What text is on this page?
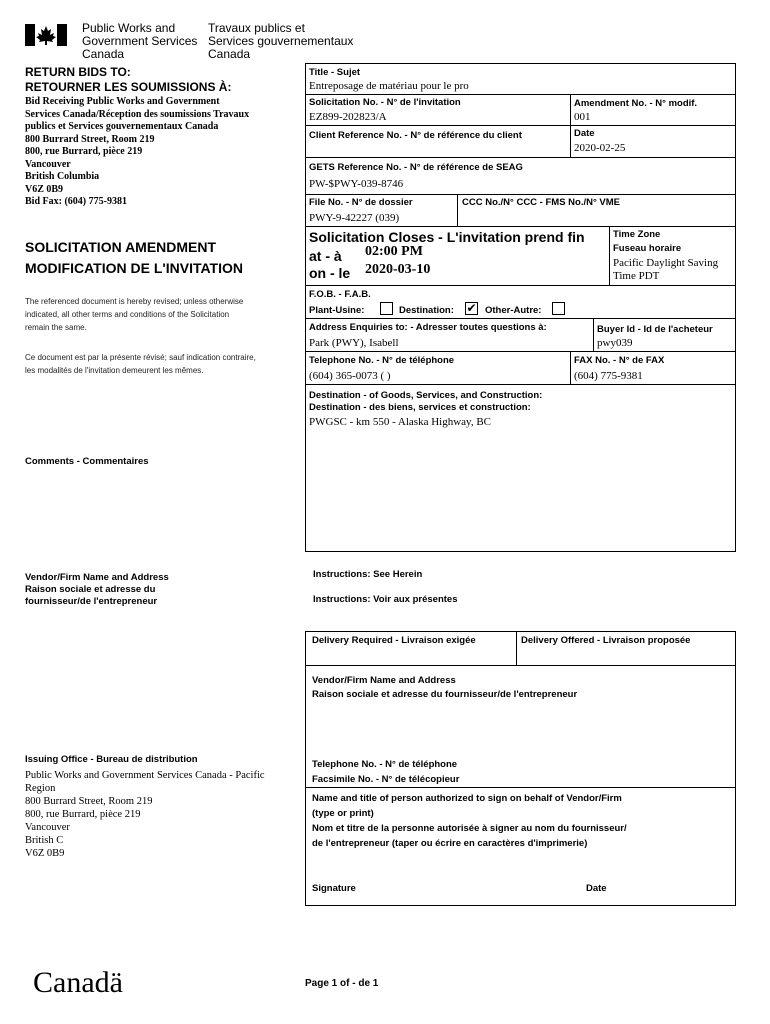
Public Works and
Government Services
Canada
Travaux publics et
Services gouvernementaux
Canada
RETURN BIDS TO:
RETOURNER LES SOUMISSIONS À:
Bid Receiving Public Works and Government
Services Canada/Réception des soumissions Travaux
publics et Services gouvernementaux Canada
800 Burrard Street, Room 219
800, rue Burrard, pièce 219
Vancouver
British Columbia
V6Z 0B9
Bid Fax: (604) 775-9381
SOLICITATION AMENDMENT
MODIFICATION DE L'INVITATION
The referenced document is hereby revised; unless otherwise
indicated, all other terms and conditions of the Solicitation
remain the same.
Ce document est par la présente révisé; sauf indication contraire,
les modalités de l'invitation demeurent les mêmes.
Comments - Commentaires
Vendor/Firm Name and Address
Raison sociale et adresse du
fournisseur/de l'entrepreneur
Issuing Office - Bureau de distribution
Public Works and Government Services Canada - Pacific
Region
800 Burrard Street, Room 219
800, rue Burrard, pièce 219
Vancouver
British C
V6Z 0B9
Title - Sujet
Entreposage de matériau pour le pro
Solicitation No. - N° de l'invitation
EZ899-202823/A
Amendment No. - N° modif.
001
Client Reference No. - N° de référence du client	Date
2020-02-25
GETS Reference No. - N° de référence de SEAG
PW-$PWY-039-8746
File No. - N° de dossier
PWY-9-42227 (039)
CCC No./N° CCC - FMS No./N° VME
Solicitation Closes - L'invitation prend fin
at - à 02:00 PM
on - le 2020-03-10
Time Zone
Fuseau horaire
Pacific Daylight Saving
Time PDT
F.O.B. - F.A.B.
Plant-Usine:	Destination: ✔ Other-Autre:
Address Enquiries to: - Adresser toutes questions à:
Park (PWY), Isabell
Buyer Id - Id de l'acheteur
pwy039
Telephone No. - N° de téléphone
(604) 365-0073 ( )
FAX No. - N° de FAX
(604) 775-9381
Destination - of Goods, Services, and Construction:
Destination - des biens, services et construction:
PWGSC - km 550 - Alaska Highway, BC
Instructions: See Herein
Instructions: Voir aux présentes
Delivery Required - Livraison exigée	Delivery Offered - Livraison proposée
Vendor/Firm Name and Address
Raison sociale et adresse du fournisseur/de l'entrepreneur
Telephone No. - N° de téléphone
Facsimile No. - N° de télécopieur
Name and title of person authorized to sign on behalf of Vendor/Firm
(type or print)
Nom et titre de la personne autorisée à signer au nom du fournisseur/
de l'entrepreneur (taper ou écrire en caractères d'imprimerie)
Signature	Date
Canadä	Page 1 of - de 1
